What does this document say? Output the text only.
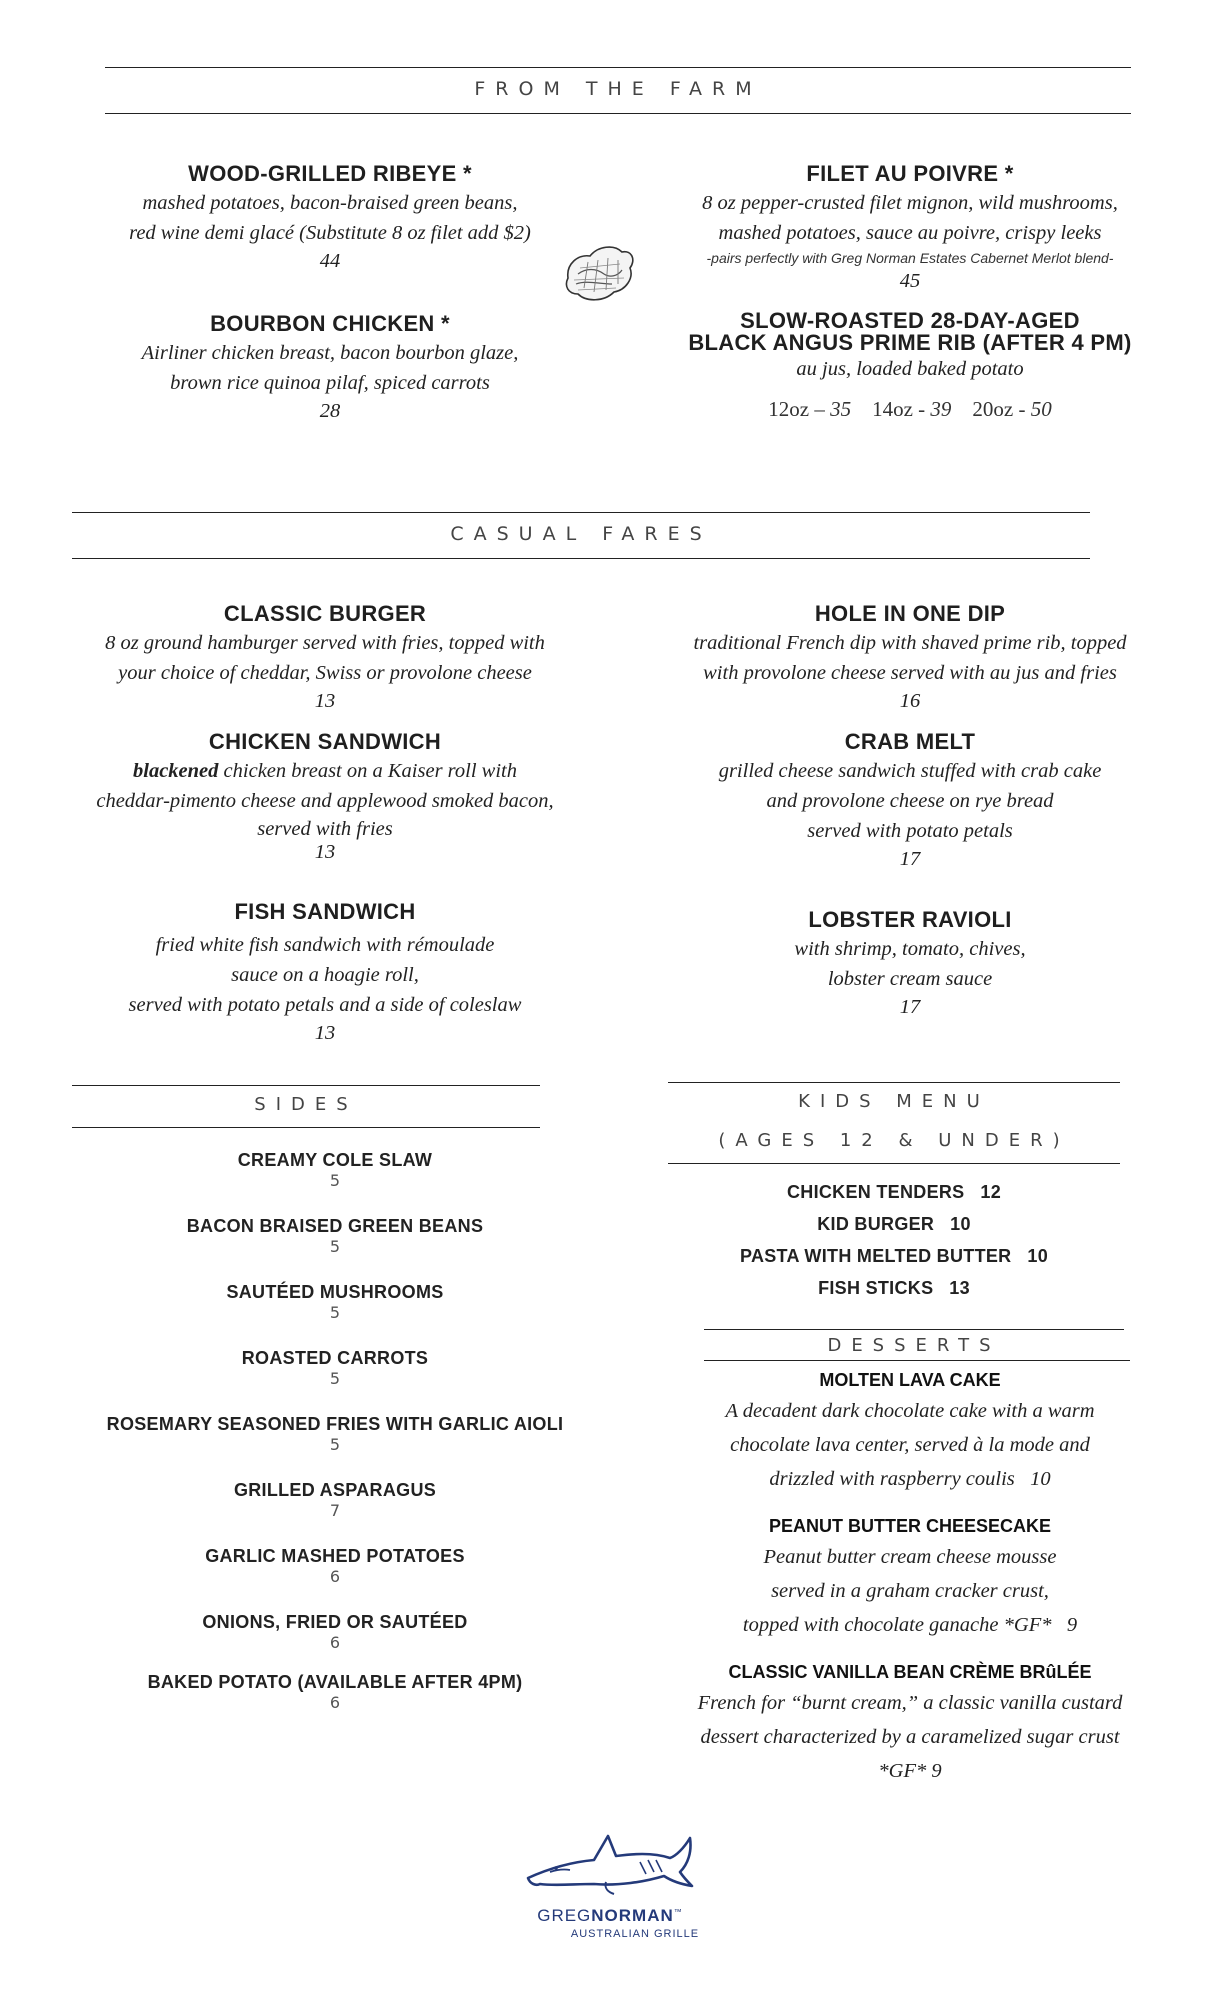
FROM THE FARM
WOOD-GRILLED RIBEYE *
mashed potatoes, bacon-braised green beans,
red wine demi glacé (Substitute 8 oz filet add $2)
44
BOURBON CHICKEN *
Airliner chicken breast, bacon bourbon glaze,
brown rice quinoa pilaf, spiced carrots
28
FILET AU POIVRE *
8 oz pepper-crusted filet mignon, wild mushrooms,
mashed potatoes, sauce au poivre, crispy leeks
-pairs perfectly with Greg Norman Estates Cabernet Merlot blend-
45
SLOW-ROASTED 28-DAY-AGED
BLACK ANGUS PRIME RIB (AFTER 4 PM)
au jus, loaded baked potato
12oz – 35 14oz - 39 20oz - 50
CASUAL FARES
CLASSIC BURGER
8 oz ground hamburger served with fries, topped with
your choice of cheddar, Swiss or provolone cheese
13
CHICKEN SANDWICH
blackened chicken breast on a Kaiser roll with
cheddar-pimento cheese and applewood smoked bacon,
served with fries
13
FISH SANDWICH
fried white fish sandwich with rémoulade
sauce on a hoagie roll,
served with potato petals and a side of coleslaw
13
HOLE IN ONE DIP
traditional French dip with shaved prime rib, topped
with provolone cheese served with au jus and fries
16
CRAB MELT
grilled cheese sandwich stuffed with crab cake
and provolone cheese on rye bread
served with potato petals
17
LOBSTER RAVIOLI
with shrimp, tomato, chives,
lobster cream sauce
17
SIDES
CREAMY COLE SLAW
5
BACON BRAISED GREEN BEANS
5
SAUTÉED MUSHROOMS
5
ROASTED CARROTS
5
ROSEMARY SEASONED FRIES WITH GARLIC AIOLI
5
GRILLED ASPARAGUS
7
GARLIC MASHED POTATOES
6
ONIONS, FRIED OR SAUTÉED
6
BAKED POTATO (AVAILABLE AFTER 4PM)
6
KIDS MENU
(AGES 12 & UNDER)
CHICKEN TENDERS 12
KID BURGER 10
PASTA WITH MELTED BUTTER 10
FISH STICKS 13
DESSERTS
MOLTEN LAVA CAKE
A decadent dark chocolate cake with a warm
chocolate lava center, served à la mode and
drizzled with raspberry coulis 10
PEANUT BUTTER CHEESECAKE
Peanut butter cream cheese mousse
served in a graham cracker crust,
topped with chocolate ganache *GF* 9
CLASSIC VANILLA BEAN CRÈME BRûLÉE
French for “burnt cream,” a classic vanilla custard
dessert characterized by a caramelized sugar crust
*GF* 9
GREGNORMAN™
AUSTRALIAN GRILLE
